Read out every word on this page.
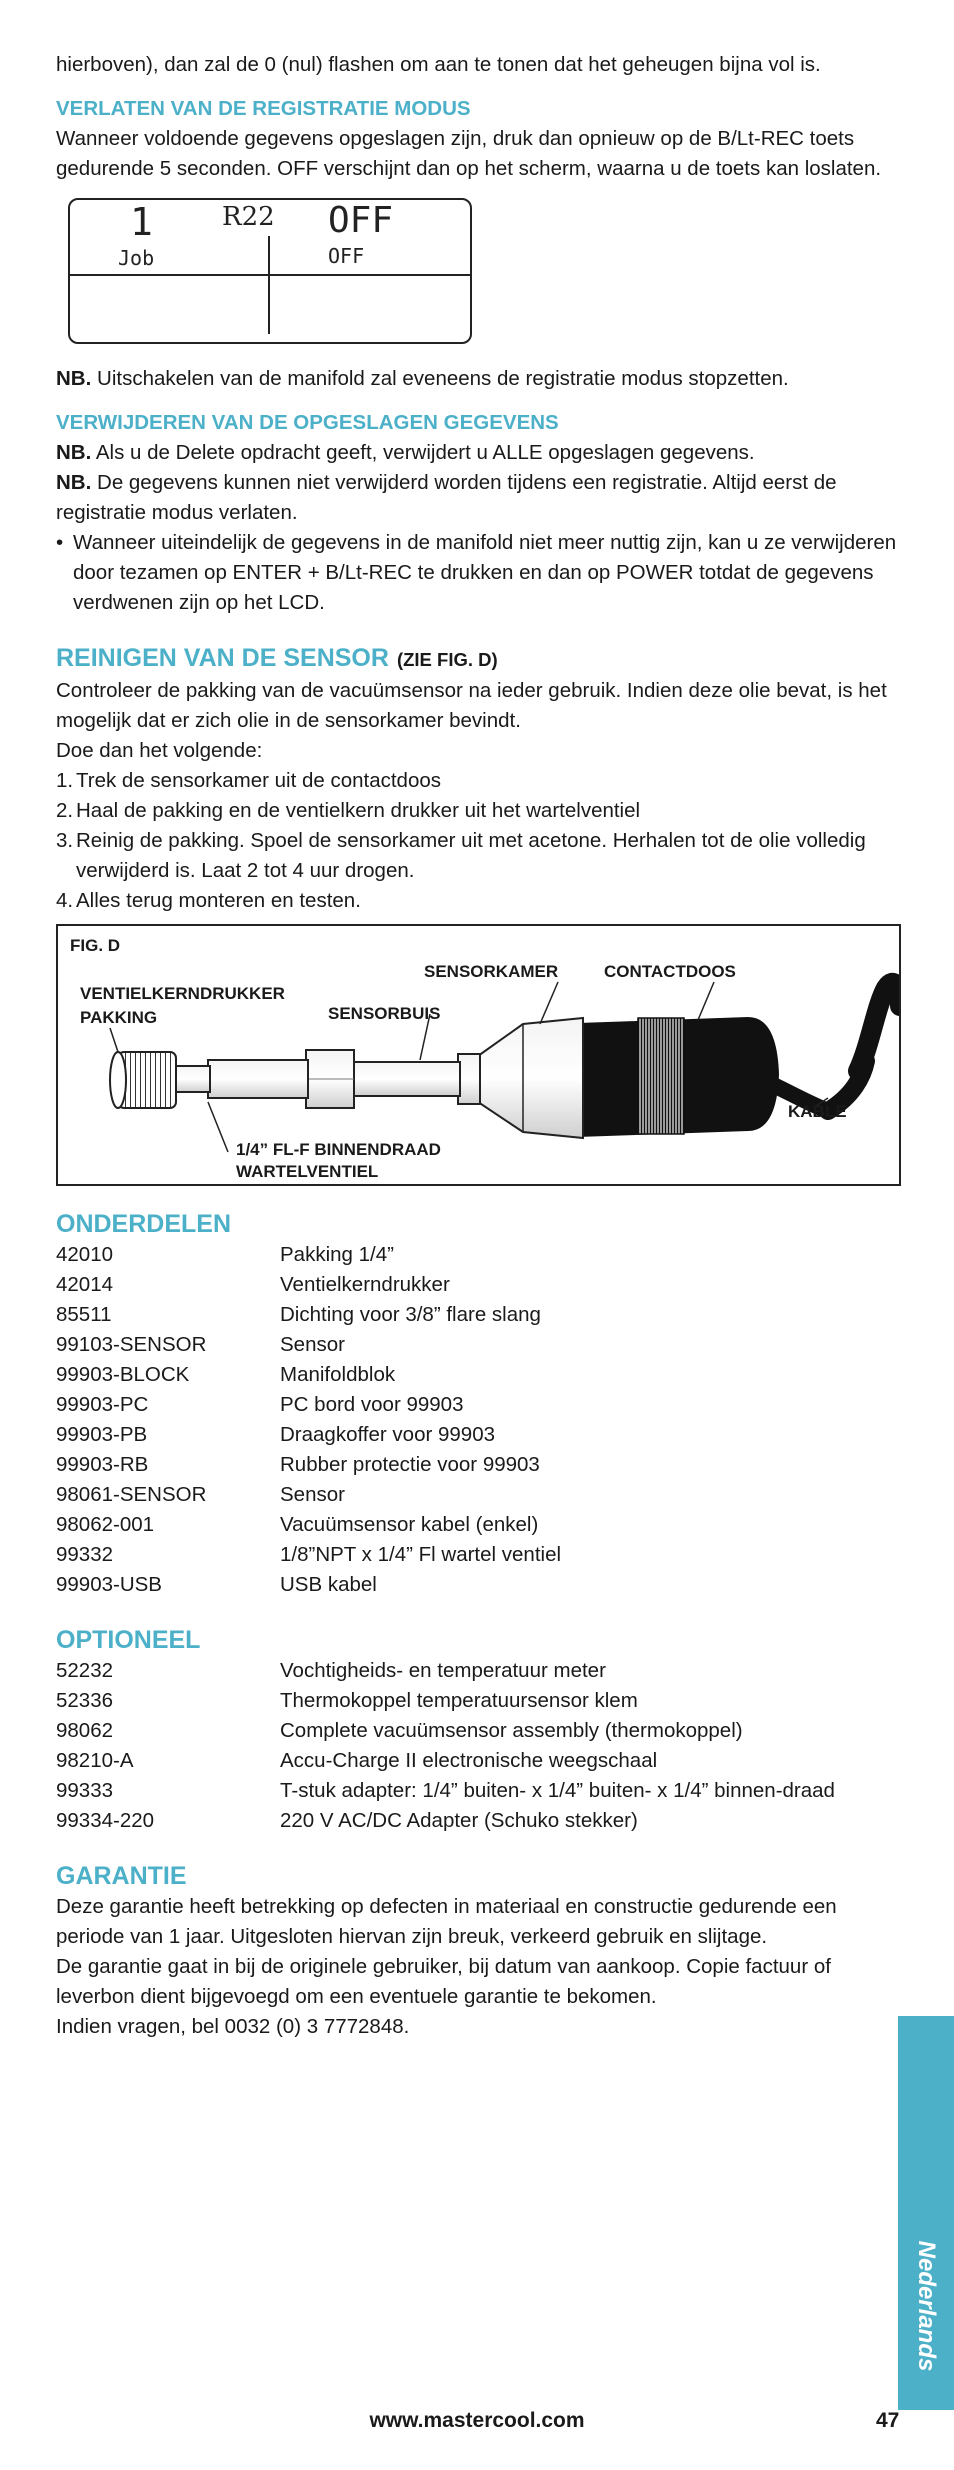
hierboven), dan zal de 0 (nul) flashen om aan te tonen dat het geheugen bijna vol is.

VERLATEN VAN DE REGISTRATIE MODUS

Wanneer voldoende gegevens opgeslagen zijn, druk dan opnieuw op de B/Lt-REC toets gedurende 5 seconden. OFF verschijnt dan op het scherm, waarna u de toets kan loslaten.

1	R22 OFF
Job	OFF

NB. Uitschakelen van de manifold zal eveneens de registratie modus stopzetten.

VERWIJDEREN VAN DE OPGESLAGEN GEGEVENS

NB. Als u de Delete opdracht geeft, verwijdert u ALLE opgeslagen gegevens.

NB. De gegevens kunnen niet verwijderd worden tijdens een registratie. Altijd eerst de registratie modus verlaten.

• Wanneer uiteindelijk de gegevens in de manifold niet meer nuttig zijn, kan u ze verwijderen door tezamen op ENTER + B/Lt-REC te drukken en dan op POWER totdat de gegevens verdwenen zijn op het LCD.
REINIGEN VAN DE SENSOR (ZIE FIG. D)

Controleer de pakking van de vacuümsensor na ieder gebruik. Indien deze olie bevat, is het mogelijk dat er zich olie in de sensorkamer bevindt.

Doe dan het volgende:

1. Trek de sensorkamer uit de contactdoos
2. Haal de pakking en de ventielkern drukker uit het wartelventiel
3. Reinig de pakking. Spoel de sensorkamer uit met acetone. Herhalen tot de olie volledig verwijderd is. Laat 2 tot 4 uur drogen.
4. Alles terug monteren en testen.
FIG. D
SENSORKAMER	CONTACTDOOS
VENTIELKERNDRUKKER
PAKKING	SENSORBUIS
KABLE
1/4” FL-F BINNENDRAAD
WARTELVENTIEL
ONDERDELEN
42010	Pakking 1/4”
42014	Ventielkerndrukker
85511	Dichting voor 3/8” flare slang
99103-SENSOR	Sensor
99903-BLOCK	Manifoldblok
99903-PC	PC bord voor 99903
99903-PB	Draagkoffer voor 99903
99903-RB	Rubber protectie voor 99903
98061-SENSOR	Sensor
98062-001	Vacuümsensor kabel (enkel)
99332	1/8”NPT x 1/4” Fl wartel ventiel
99903-USB	USB kabel
OPTIONEEL
52232	Vochtigheids- en temperatuur meter
52336	Thermokoppel temperatuursensor klem
98062	Complete vacuümsensor assembly (thermokoppel)
98210-A	Accu-Charge II electronische weegschaal
99333	T-stuk adapter: 1/4” buiten- x 1/4” buiten- x 1/4” binnen-draad
99334-220	220 V AC/DC Adapter (Schuko stekker)
GARANTIE

Deze garantie heeft betrekking op defecten in materiaal en constructie gedurende een periode van 1 jaar. Uitgesloten hiervan zijn breuk, verkeerd gebruik en slijtage.

De garantie gaat in bij de originele gebruiker, bij datum van aankoop. Copie factuur of leverbon dient bijgevoegd om een eventuele garantie te bekomen.

Indien vragen, bel 0032 (0) 3 7772848.

Nederlands
www.mastercool.com	47
